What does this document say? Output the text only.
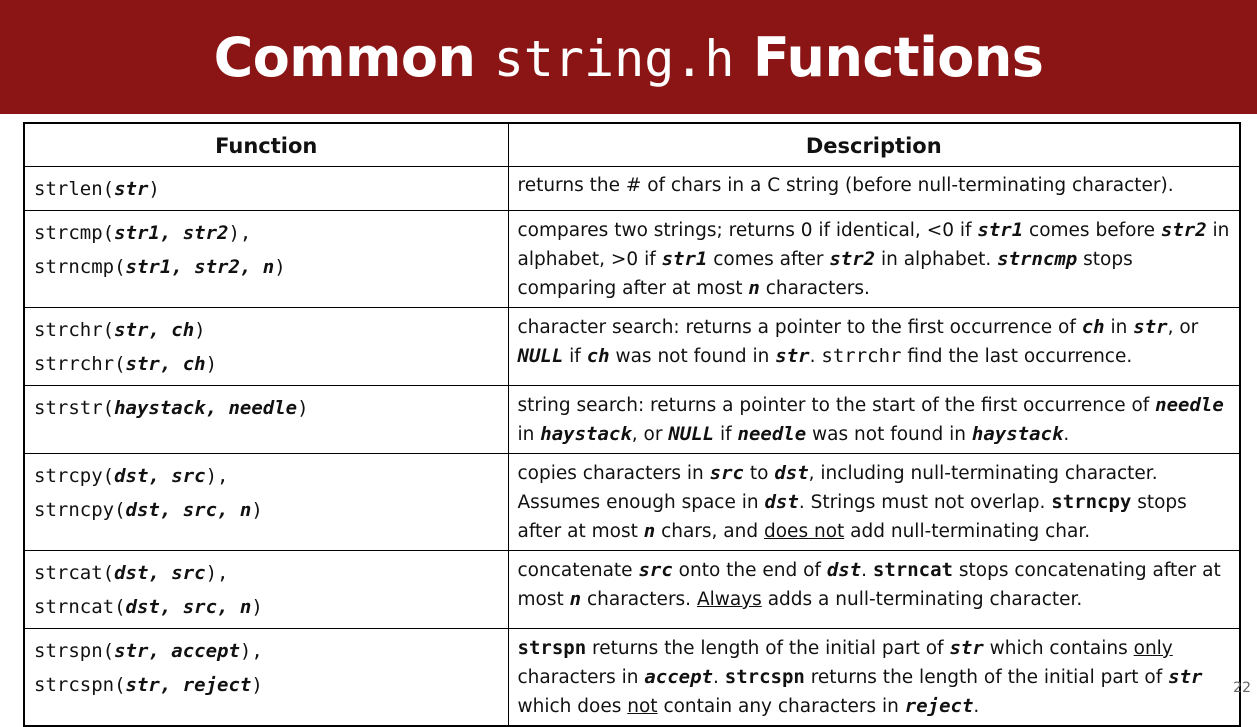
Common string.h Functions
Function	Description
strlen(str)	returns the # of chars in a C string (before null-terminating character).

strcmp(str1, str2),
strncmp(str1, str2, n)	compares two strings; returns 0 if identical, <0 if str1 comes before str2 in alphabet, >0 if str1 comes after str2 in alphabet. strncmp stops comparing after at most n characters.

strchr(str, ch)
strrchr(str, ch)	character search: returns a pointer to the first occurrence of ch in str, or NULL if ch was not found in str. strrchr find the last occurrence.
strstr(haystack, needle)	string search: returns a pointer to the start of the first occurrence of needle in haystack, or NULL if needle was not found in haystack.

strcpy(dst, src),
strncpy(dst, src, n)	copies characters in src to dst, including null-terminating character. Assumes enough space in dst. Strings must not overlap. strncpy stops after at most n chars, and does not add null-terminating char.

strcat(dst, src),
strncat(dst, src, n)	concatenate src onto the end of dst. strncat stops concatenating after at most n characters. Always adds a null-terminating character.

strspn(str, accept),
strcspn(str, reject)	strspn returns the length of the initial part of str which contains only characters in accept. strcspn returns the length of the initial part of str which does not contain any characters in reject.
22
